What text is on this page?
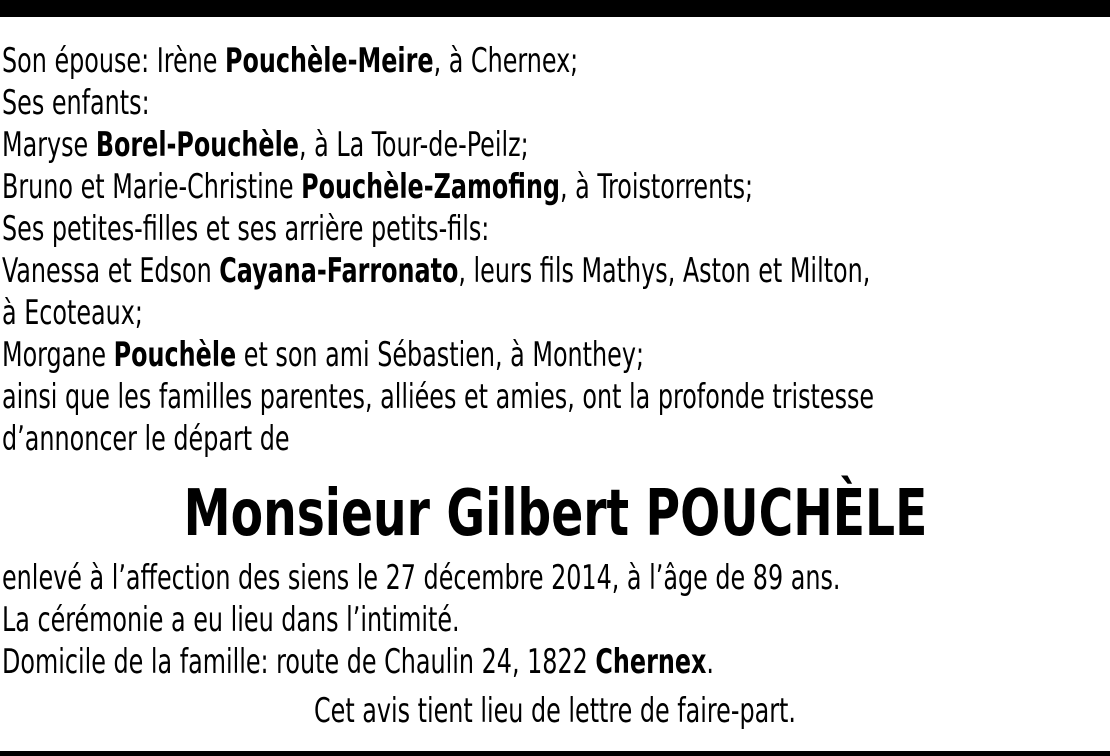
Son épouse: Irène Pouchèle-Meire, à Chernex;
Ses enfants:
Maryse Borel-Pouchèle, à La Tour-de-Peilz;
Bruno et Marie-Christine Pouchèle-Zamofing, à Troistorrents;
Ses petites-filles et ses arrière petits-fils:
Vanessa et Edson Cayana-Farronato, leurs fils Mathys, Aston et Milton,
à Ecoteaux;
Morgane Pouchèle et son ami Sébastien, à Monthey;
ainsi que les familles parentes, alliées et amies, ont la profonde tristesse
d’annoncer le départ de
Monsieur Gilbert POUCHÈLE
enlevé à l’affection des siens le 27 décembre 2014, à l’âge de 89 ans.
La cérémonie a eu lieu dans l’intimité.
Domicile de la famille: route de Chaulin 24, 1822 Chernex.
Cet avis tient lieu de lettre de faire-part.
